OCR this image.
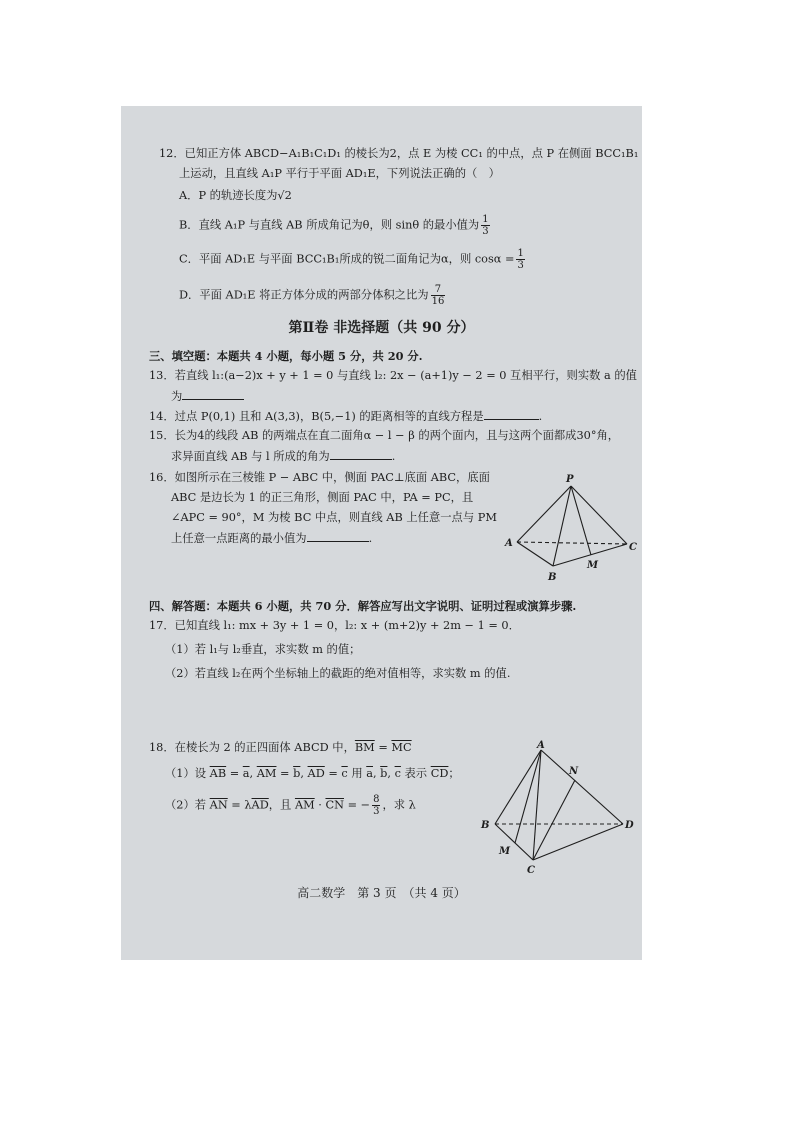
12．已知正方体 ABCD−A₁B₁C₁D₁ 的棱长为2，点 E 为棱 CC₁ 的中点，点 P 在侧面 BCC₁B₁
上运动，且直线 A₁P 平行于平面 AD₁E，下列说法正确的（　）
A．P 的轨迹长度为√2
B．直线 A₁P 与直线 AB 所成角记为θ，则 sinθ 的最小值为 $\frac{1}{3}$
C．平面 AD₁E 与平面 BCC₁B₁所成的锐二面角记为α，则 $\cos\alpha = \frac{1}{3}$
D．平面 AD₁E 将正方体分成的两部分体积之比为 $\frac{7}{16}$
第Ⅱ卷 非选择题（共 90 分）
三、填空题：本题共 4 小题，每小题 5 分，共 20 分.
13．若直线 l₁:(a−2)x + y + 1 = 0 与直线 l₂: 2x − (a+1)y − 2 = 0 互相平行，则实数 a 的值
为
14．过点 P(0,1) 且和 A(3,3)，B(5,−1) 的距离相等的直线方程是	.
15．长为4的线段 AB 的两端点在直二面角α − l − β 的两个面内，且与这两个面都成30°角，
求异面直线 AB 与 l 所成的角为	.
16．如图所示在三棱锥 P − ABC 中，侧面 PAC⊥底面 ABC，底面
ABC 是边长为 1 的正三角形，侧面 PAC 中，PA = PC，且
∠APC = 90°，M 为棱 BC 中点，则直线 AB 上任意一点与 PM
上任意一点距离的最小值为	.
P
A
B
M
C
四、解答题：本题共 6 小题，共 70 分．解答应写出文字说明、证明过程或演算步骤.
17．已知直线 l₁: mx + 3y + 1 = 0，l₂: x + (m+2)y + 2m − 1 = 0．
（1）若 l₁与 l₂垂直，求实数 m 的值；
（2）若直线 l₂在两个坐标轴上的截距的绝对值相等，求实数 m 的值.
18．在棱长为 2 的正四面体 ABCD 中，$\overline{BM} = \overline{MC}$
（1）设 $\overline{AB} = \overline{a}$, $\overline{AM} = \overline{b}$, $\overline{AD} = \overline{c}$ 用 $\overline{a}$, $\overline{b}$, $\overline{c}$ 表示 $\overline{CD}$；
（2）若 $\overline{AN} = \lambda\overline{AD}$，且 $\overline{AM} \cdot \overline{CN}$ = − $\frac{8}{3}$ ，求 λ
A
N
B	D
M
C
高二数学　第 3 页　（共 4 页）
